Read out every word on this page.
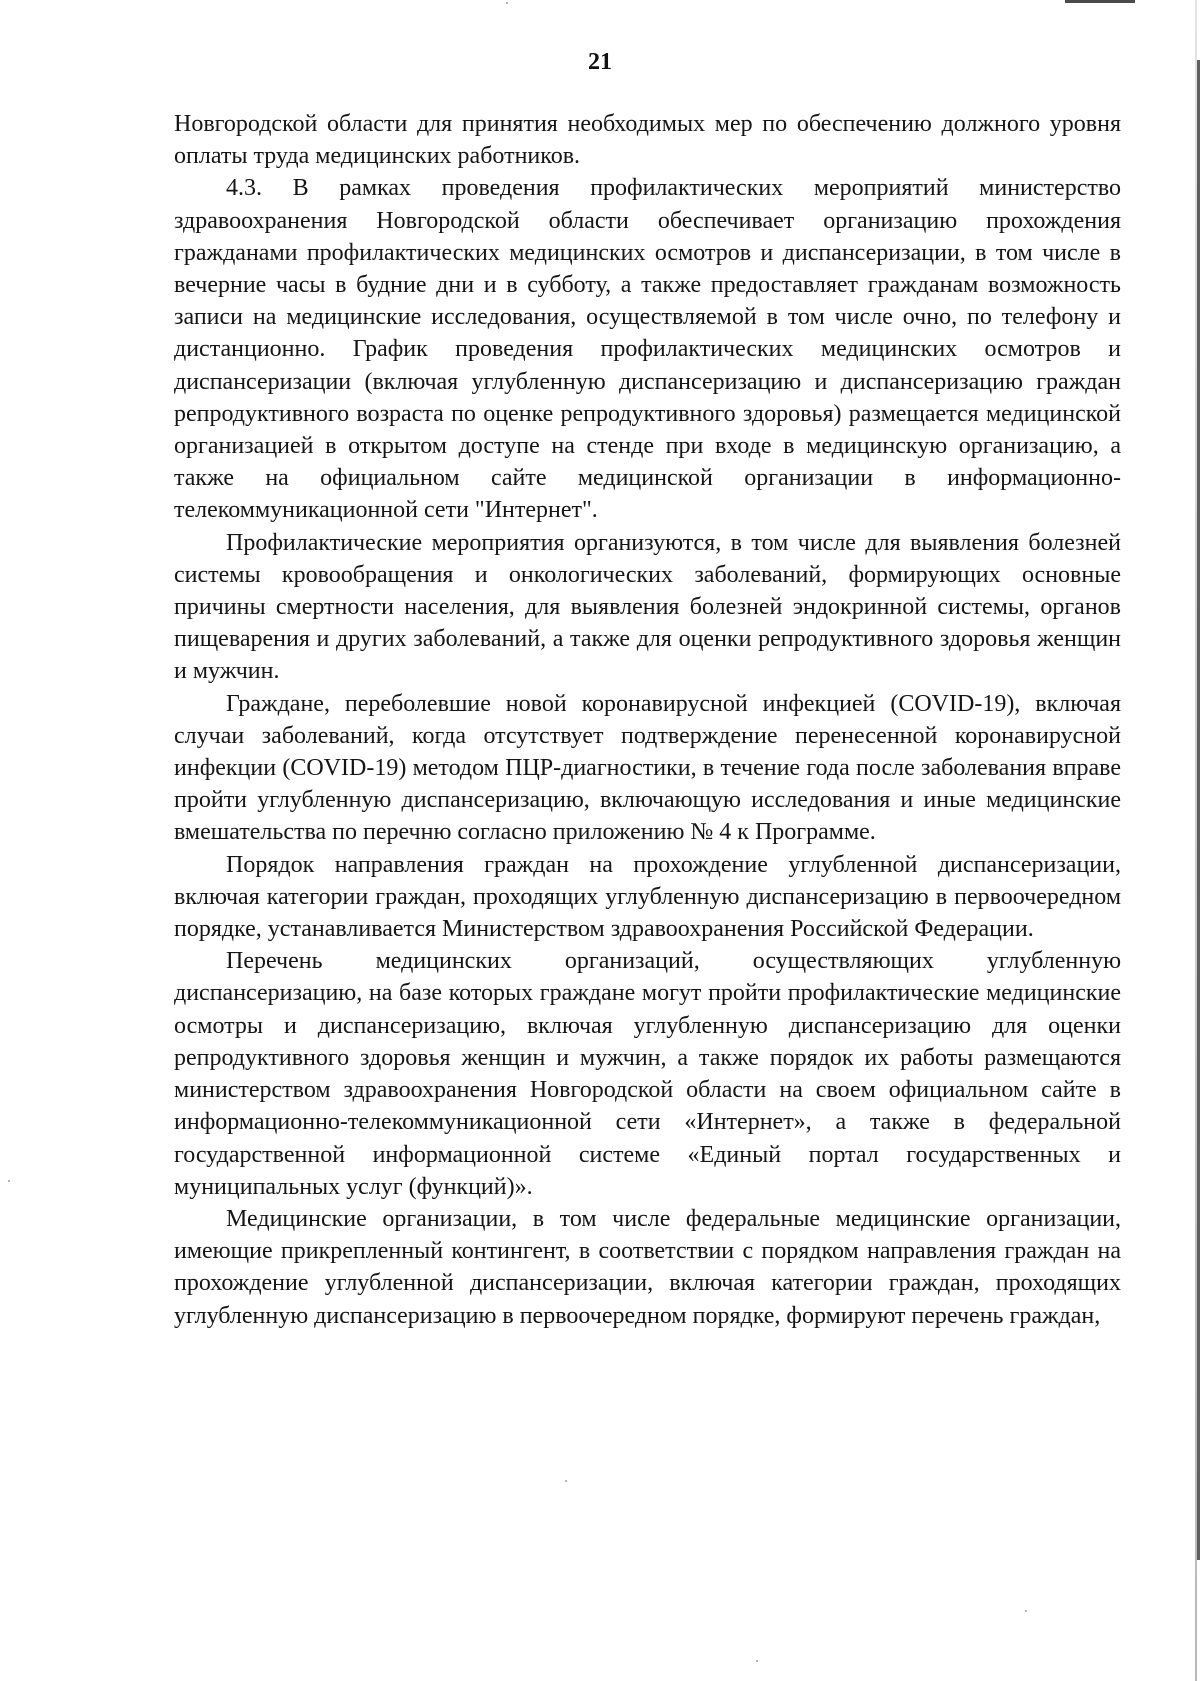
21

Новгородской области для принятия необходимых мер по обеспечению должного уровня оплаты труда медицинских работников.

4.3. В рамках проведения профилактических мероприятий министерство здравоохранения Новгородской области обеспечивает организацию прохождения гражданами профилактических медицинских осмотров и диспансеризации, в том числе в вечерние часы в будние дни и в субботу, а также предоставляет гражданам возможность записи на медицинские исследования, осуществляемой в том числе очно, по телефону и дистанционно. График проведения профилактических медицинских осмотров и диспансеризации (включая углубленную диспансеризацию и диспансеризацию граждан репродуктивного возраста по оценке репродуктивного здоровья) размещается медицинской организацией в открытом доступе на стенде при входе в медицинскую организацию, а также на официальном сайте медицинской организации в информационно-телекоммуникационной сети "Интернет".

Профилактические мероприятия организуются, в том числе для выявления болезней системы кровообращения и онкологических заболеваний, формирующих основные причины смертности населения, для выявления болезней эндокринной системы, органов пищеварения и других заболеваний, а также для оценки репродуктивного здоровья женщин и мужчин.

Граждане, переболевшие новой коронавирусной инфекцией (COVID-19), включая случаи заболеваний, когда отсутствует подтверждение перенесенной коронавирусной инфекции (COVID-19) методом ПЦР-диагностики, в течение года после заболевания вправе пройти углубленную диспансеризацию, включающую исследования и иные медицинские вмешательства по перечню согласно приложению № 4 к Программе.

Порядок направления граждан на прохождение углубленной диспансеризации, включая категории граждан, проходящих углубленную диспансеризацию в первоочередном порядке, устанавливается Министерством здравоохранения Российской Федерации.

Перечень медицинских организаций, осуществляющих углубленную диспансеризацию, на базе которых граждане могут пройти профилактические медицинские осмотры и диспансеризацию, включая углубленную диспансеризацию для оценки репродуктивного здоровья женщин и мужчин, а также порядок их работы размещаются министерством здравоохранения Новгородской области на своем официальном сайте в информационно-телекоммуникационной сети «Интернет», а также в федеральной государственной информационной системе «Единый портал государственных и муниципальных услуг (функций)».

Медицинские организации, в том числе федеральные медицинские организации, имеющие прикрепленный контингент, в соответствии с порядком направления граждан на прохождение углубленной диспансеризации, включая категории граждан, проходящих углубленную диспансеризацию в первоочередном порядке, формируют перечень граждан,
